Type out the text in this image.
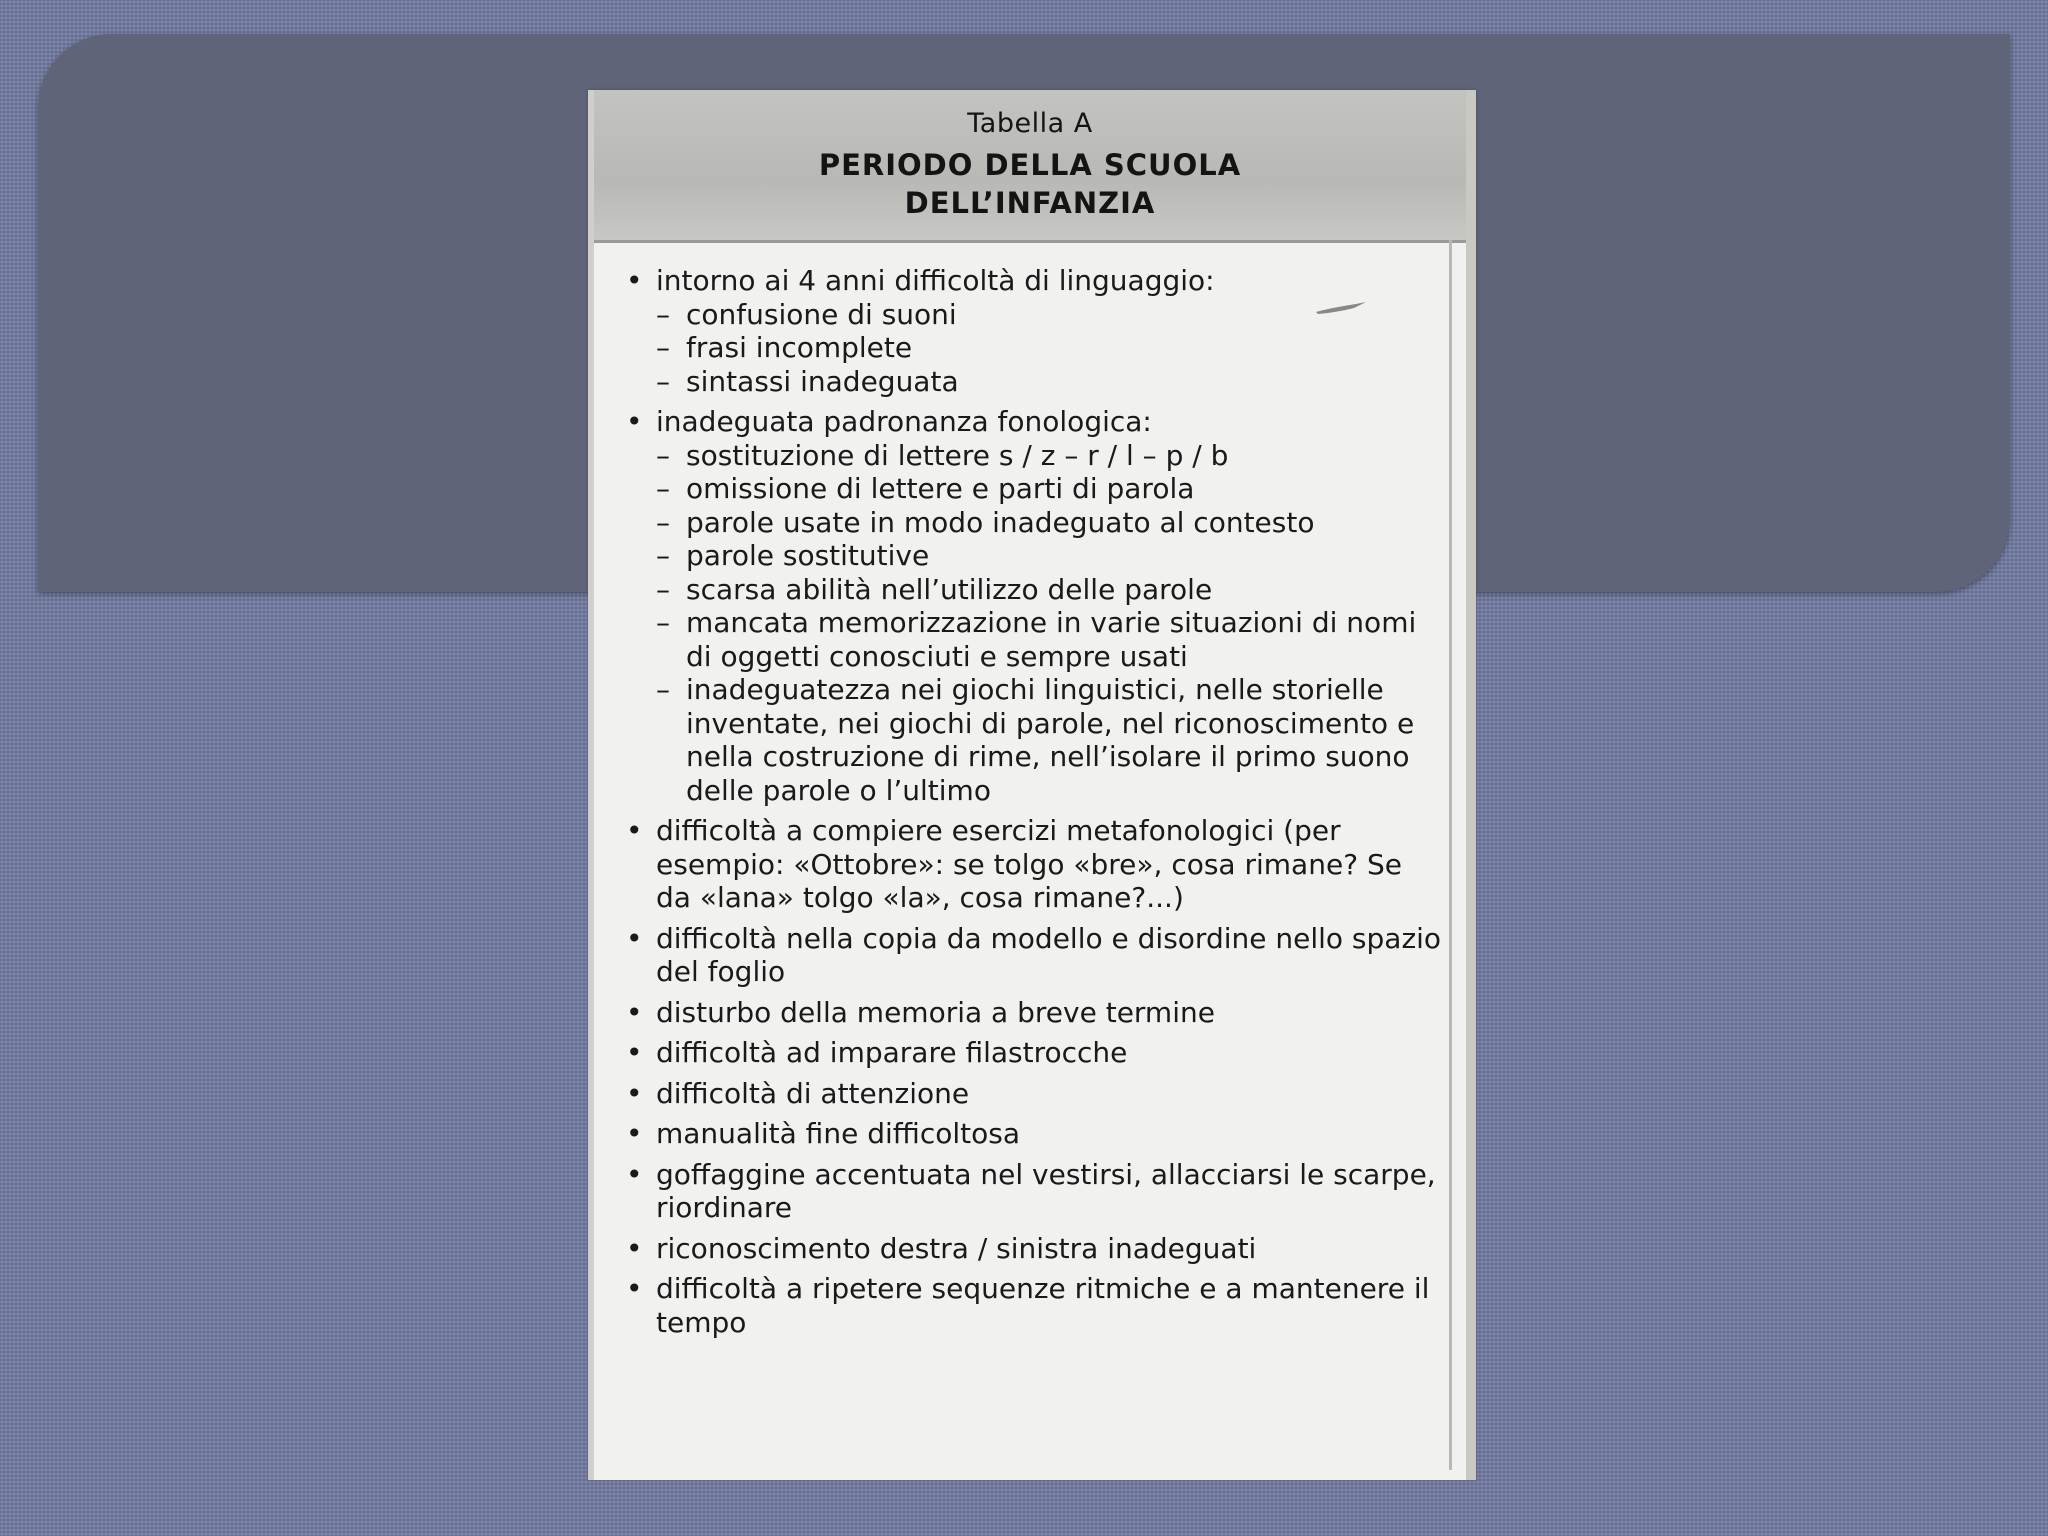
Tabella A
PERIODO DELLA SCUOLA
DELL’INFANZIA
• intorno ai 4 anni difficoltà di linguaggio:
– confusione di suoni
– frasi incomplete
– sintassi inadeguata
• inadeguata padronanza fonologica:
– sostituzione di lettere s / z – r / l – p / b
– omissione di lettere e parti di parola
– parole usate in modo inadeguato al contesto
– parole sostitutive
– scarsa abilità nell’utilizzo delle parole
– mancata memorizzazione in varie situazioni di nomi di oggetti conosciuti e sempre usati
– inadeguatezza nei giochi linguistici, nelle storielle inventate, nei giochi di parole, nel riconoscimento e nella costruzione di rime, nell’isolare il primo suono delle parole o l’ultimo
• difficoltà a compiere esercizi metafonologici (per esempio: «Ottobre»: se tolgo «bre», cosa rimane? Se da «lana» tolgo «la», cosa rimane?...)
• difficoltà nella copia da modello e disordine nello spazio del foglio
• disturbo della memoria a breve termine
• difficoltà ad imparare filastrocche
• difficoltà di attenzione
• manualità fine difficoltosa
• goffaggine accentuata nel vestirsi, allacciarsi le scarpe, riordinare
• riconoscimento destra / sinistra inadeguati
• difficoltà a ripetere sequenze ritmiche e a mantenere il tempo
